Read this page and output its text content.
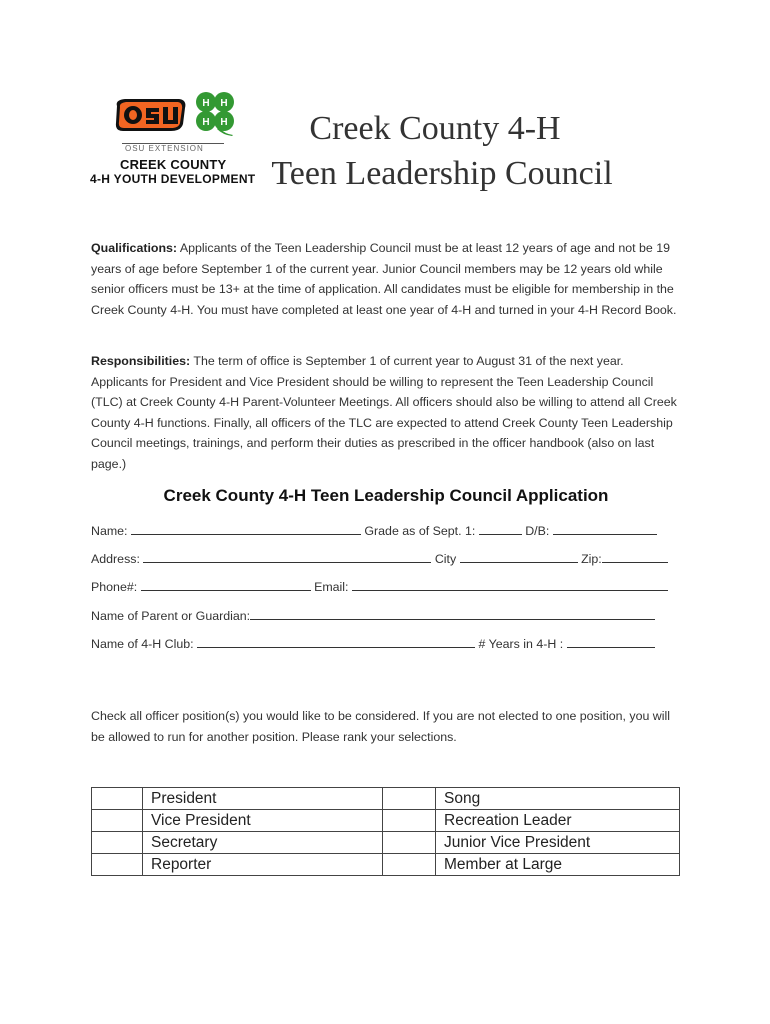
H H
H H
OSU EXTENSION
CREEK COUNTY
4-H YOUTH DEVELOPMENT
Creek County 4-H
Teen Leadership Council
Qualifications: Applicants of the Teen Leadership Council must be at least 12 years of age and not be 19 years of age before September 1 of the current year. Junior Council members may be 12 years old while senior officers must be 13+ at the time of application. All candidates must be eligible for membership in the Creek County 4-H. You must have completed at least one year of 4-H and turned in your 4-H Record Book.
Responsibilities: The term of office is September 1 of current year to August 31 of the next year. Applicants for President and Vice President should be willing to represent the Teen Leadership Council (TLC) at Creek County 4-H Parent-Volunteer Meetings. All officers should also be willing to attend all Creek County 4-H functions. Finally, all officers of the TLC are expected to attend Creek County Teen Leadership Council meetings, trainings, and perform their duties as prescribed in the officer handbook (also on last page.)
Creek County 4-H Teen Leadership Council Application
Name:	Grade as of Sept. 1:	D/B:
Address:	City	Zip:
Phone#:	Email:
Name of Parent or Guardian:
Name of 4-H Club:	# Years in 4-H :
Check all officer position(s) you would like to be considered. If you are not elected to one position, you will be allowed to run for another position. Please rank your selections.
	President		Song
	Vice President		Recreation Leader
	Secretary		Junior Vice President
	Reporter		Member at Large
